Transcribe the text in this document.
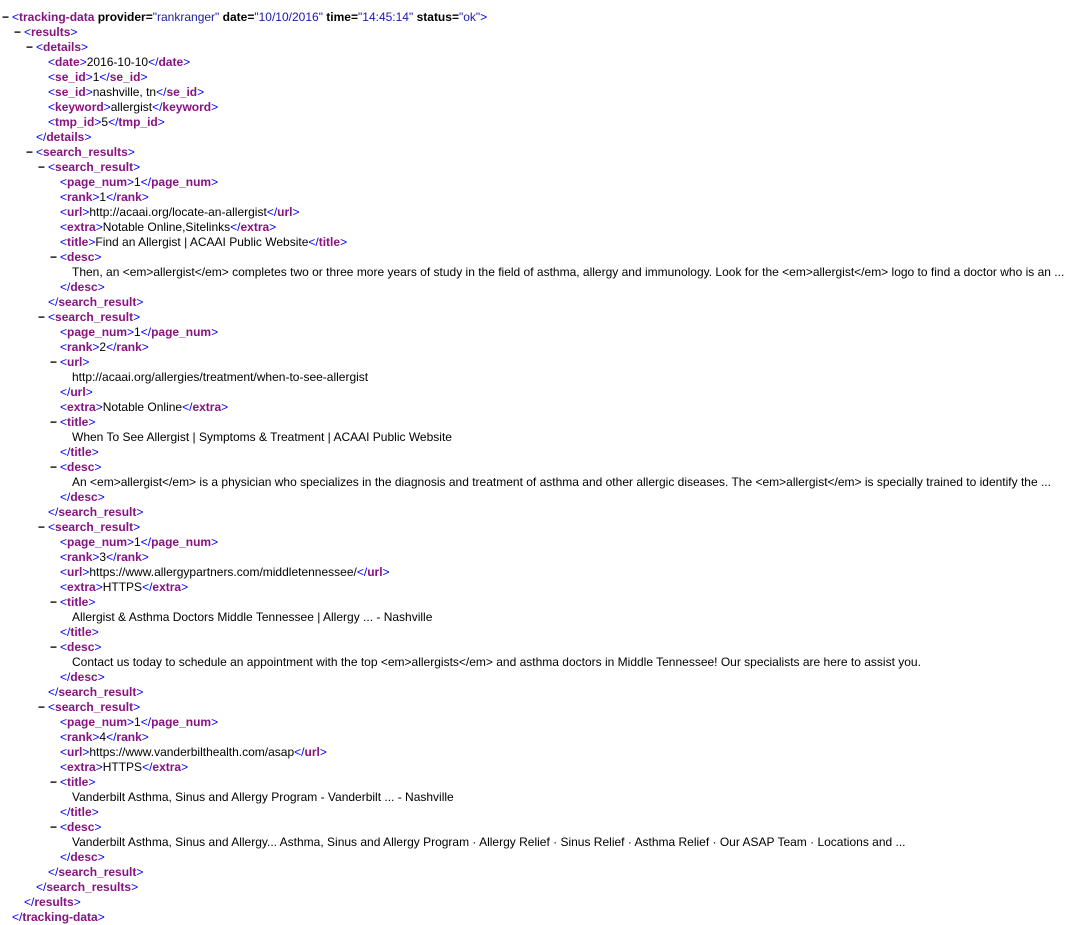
− <tracking-data provider="rankranger" date="10/10/2016" time="14:45:14" status="ok">
− <results>
− <details>
<date>2016-10-10</date>
<se_id>1</se_id>
<se_id>nashville, tn</se_id>
<keyword>allergist</keyword>
<tmp_id>5</tmp_id>
</details>
− <search_results>
− <search_result>
<page_num>1</page_num>
<rank>1</rank>
<url>http://acaai.org/locate-an-allergist</url>
<extra>Notable Online,Sitelinks</extra>
<title>Find an Allergist | ACAAI Public Website</title>
− <desc>
Then, an <em>allergist</em> completes two or three more years of study in the field of asthma, allergy and immunology. Look for the <em>allergist</em> logo to find a doctor who is an ...
</desc>
</search_result>
− <search_result>
<page_num>1</page_num>
<rank>2</rank>
− <url>
http://acaai.org/allergies/treatment/when-to-see-allergist
</url>
<extra>Notable Online</extra>
− <title>
When To See Allergist | Symptoms & Treatment | ACAAI Public Website
</title>
− <desc>
An <em>allergist</em> is a physician who specializes in the diagnosis and treatment of asthma and other allergic diseases. The <em>allergist</em> is specially trained to identify the ...
</desc>
</search_result>
− <search_result>
<page_num>1</page_num>
<rank>3</rank>
<url>https://www.allergypartners.com/middletennessee/</url>
<extra>HTTPS</extra>
− <title>
Allergist & Asthma Doctors Middle Tennessee | Allergy ... - Nashville
</title>
− <desc>
Contact us today to schedule an appointment with the top <em>allergists</em> and asthma doctors in Middle Tennessee! Our specialists are here to assist you.
</desc>
</search_result>
− <search_result>
<page_num>1</page_num>
<rank>4</rank>
<url>https://www.vanderbilthealth.com/asap</url>
<extra>HTTPS</extra>
− <title>
Vanderbilt Asthma, Sinus and Allergy Program - Vanderbilt ... - Nashville
</title>
− <desc>
Vanderbilt Asthma, Sinus and Allergy... Asthma, Sinus and Allergy Program · Allergy Relief · Sinus Relief · Asthma Relief · Our ASAP Team · Locations and ...
</desc>
</search_result>
</search_results>
</results>
</tracking-data>
